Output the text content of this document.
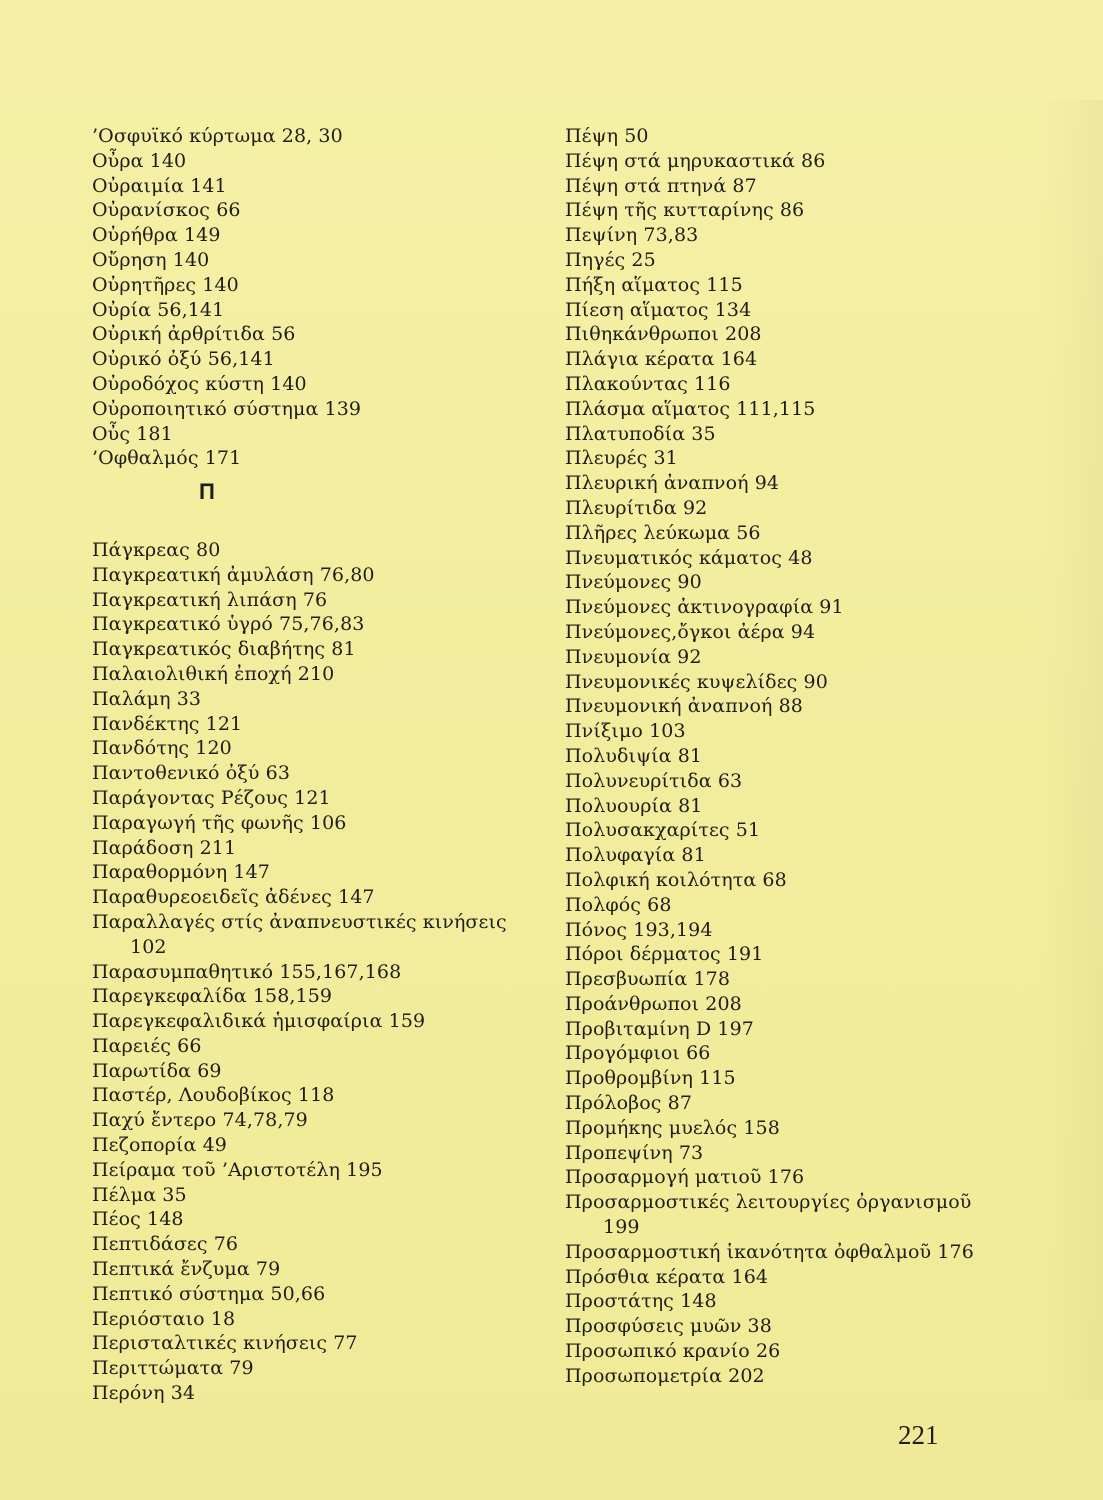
’Οσφυϊκό κύρτωμα 28, 30
Οὖρα 140
Οὐραιμία 141
Οὐρανίσκος 66
Οὐρήθρα 149
Οὔρηση 140
Οὐρητῆρες 140
Οὐρία 56,141
Οὐρική ἀρθρίτιδα 56
Οὐρικό ὀξύ 56,141
Οὐροδόχος κύστη 140
Οὐροποιητικό σύστημα 139
Οὖς 181
’Οφθαλμός 171
Π
Πάγκρεας 80
Παγκρεατική ἀμυλάση 76,80
Παγκρεατική λιπάση 76
Παγκρεατικό ὑγρό 75,76,83
Παγκρεατικός διαβήτης 81
Παλαιολιθική ἐποχή 210
Παλάμη 33
Πανδέκτης 121
Πανδότης 120
Παντοθενικό ὀξύ 63
Παράγοντας Ρέζους 121
Παραγωγή τῆς φωνῆς 106
Παράδοση 211
Παραθορμόνη 147
Παραθυρεοειδεῖς ἀδένες 147
Παραλλαγές στίς ἀναπνευστικές κινήσεις 102
Παρασυμπαθητικό 155,167,168
Παρεγκεφαλίδα 158,159
Παρεγκεφαλιδικά ἡμισφαίρια 159
Παρειές 66
Παρωτίδα 69
Παστέρ, Λουδοβίκος 118
Παχύ ἔντερο 74,78,79
Πεζοπορία 49
Πείραμα τοῦ ’Αριστοτέλη 195
Πέλμα 35
Πέος 148
Πεπτιδάσες 76
Πεπτικά ἔνζυμα 79
Πεπτικό σύστημα 50,66
Περιόσταιο 18
Περισταλτικές κινήσεις 77
Περιττώματα 79
Περόνη 34
Πέψη 50
Πέψη στά μηρυκαστικά 86
Πέψη στά πτηνά 87
Πέψη τῆς κυτταρίνης 86
Πεψίνη 73,83
Πηγές 25
Πήξη αἵματος 115
Πίεση αἵματος 134
Πιθηκάνθρωποι 208
Πλάγια κέρατα 164
Πλακούντας 116
Πλάσμα αἵματος 111,115
Πλατυποδία 35
Πλευρές 31
Πλευρική ἀναπνοή 94
Πλευρίτιδα 92
Πλῆρες λεύκωμα 56
Πνευματικός κάματος 48
Πνεύμονες 90
Πνεύμονες ἀκτινογραφία 91
Πνεύμονες,ὄγκοι ἀέρα 94
Πνευμονία 92
Πνευμονικές κυψελίδες 90
Πνευμονική ἀναπνοή 88
Πνίξιμο 103
Πολυδιψία 81
Πολυνευρίτιδα 63
Πολυουρία 81
Πολυσακχαρίτες 51
Πολυφαγία 81
Πολφική κοιλότητα 68
Πολφός 68
Πόνος 193,194
Πόροι δέρματος 191
Πρεσβυωπία 178
Προάνθρωποι 208
Προβιταμίνη D 197
Προγόμφιοι 66
Προθρομβίνη 115
Πρόλοβος 87
Προμήκης μυελός 158
Προπεψίνη 73
Προσαρμογή ματιοῦ 176
Προσαρμοστικές λειτουργίες ὀργανισμοῦ 199
Προσαρμοστική ἱκανότητα ὀφθαλμοῦ 176
Πρόσθια κέρατα 164
Προστάτης 148
Προσφύσεις μυῶν 38
Προσωπικό κρανίο 26
Προσωπομετρία 202
221
